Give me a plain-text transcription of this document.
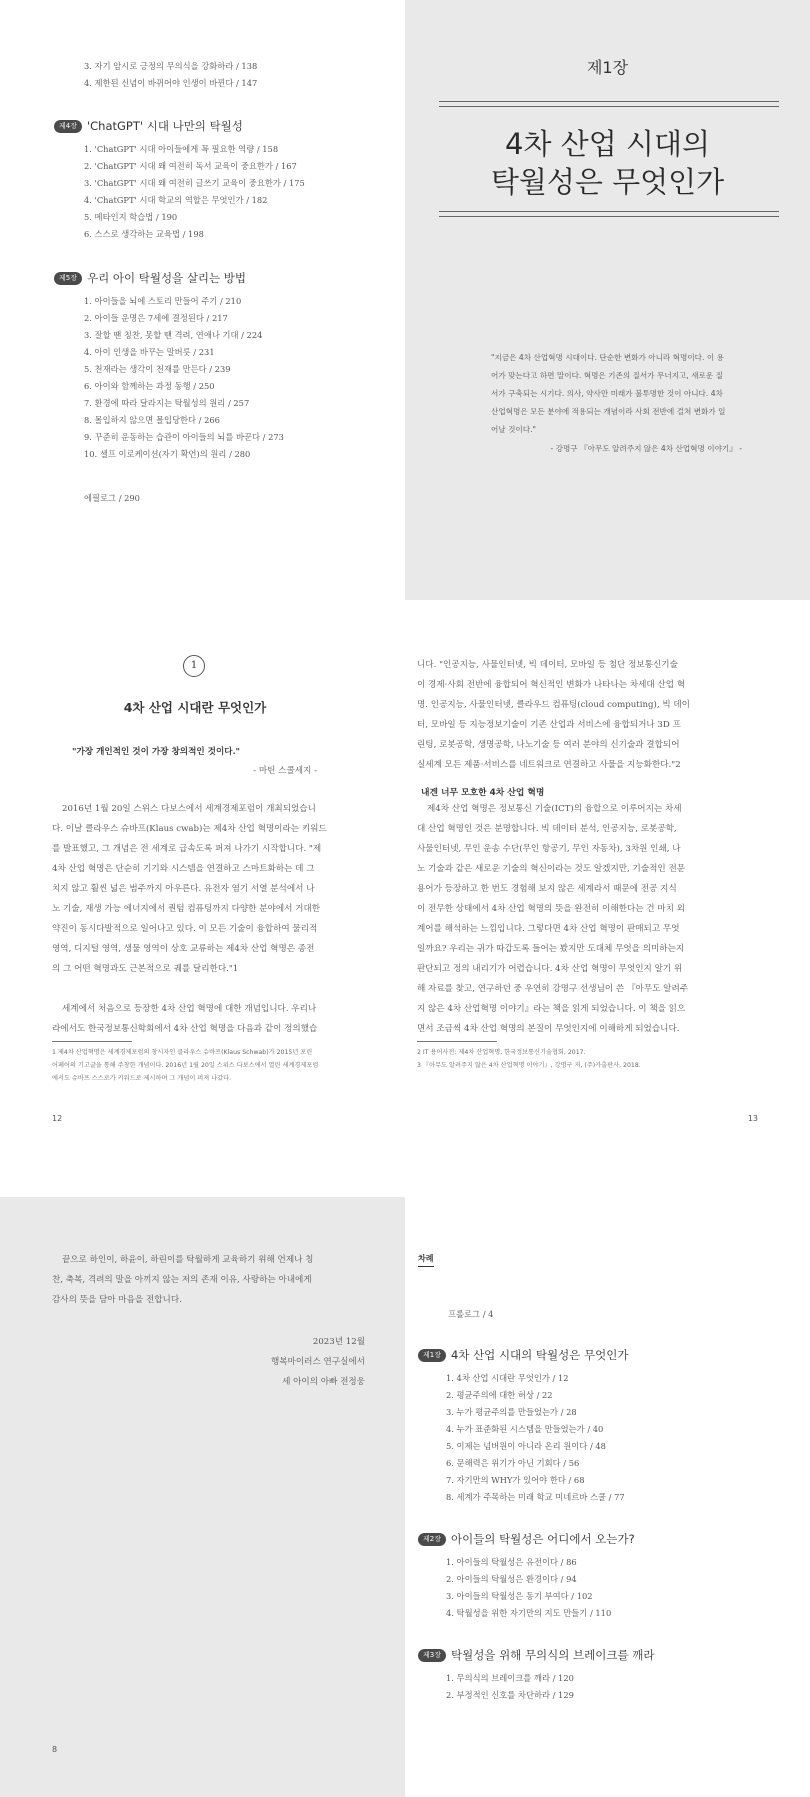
3. 자기 암시로 긍정의 무의식을 강화하라 / 138
4. 제한된 신념이 바뀌어야 인생이 바뀐다 / 147
제4장 'ChatGPT' 시대 나만의 탁월성
1. 'ChatGPT' 시대 아이들에게 꼭 필요한 역량 / 158
2. 'ChatGPT' 시대 왜 여전히 독서 교육이 중요한가 / 167
3. 'ChatGPT' 시대 왜 여전히 글쓰기 교육이 중요한가 / 175
4. 'ChatGPT' 시대 학교의 역할은 무엇인가 / 182
5. 메타인지 학습법 / 190
6. 스스로 생각하는 교육법 / 198
제5장 우리 아이 탁월성을 살리는 방법
1. 아이들을 뇌에 스토리 만들어 주기 / 210
2. 아이들 운명은 7세에 결정된다 / 217
3. 잘할 땐 칭찬, 못할 땐 격려, 연애나 기대 / 224
4. 아이 인생을 바꾸는 말버릇 / 231
5. 천재라는 생각이 천재를 만든다 / 239
6. 아이와 함께하는 과정 동행 / 250
7. 환경에 따라 달라지는 탁월성의 원리 / 257
8. 몰입하지 않으면 몰입당한다 / 266
9. 꾸준히 운동하는 습관이 아이들의 뇌를 바꾼다 / 273
10. 셀프 이로케이션(자기 확언)의 원리 / 280
에필로그 / 290
제1장
4차 산업 시대의
탁월성은 무엇인가
"지금은 4차 산업혁명 시대이다. 단순한 변화가 아니라 혁명이다. 이 용
어가 맞는다고 하면 말이다. 혁명은 기존의 질서가 무너지고, 새로운 질
서가 구축되는 시기다. 의사, 약사만 미래가 불투명한 것이 아니다. 4차
산업혁명은 모든 분야에 적용되는 개념이라 사회 전반에 걸쳐 변화가 일
어날 것이다."
- 강명구 『아무도 알려주지 않은 4차 산업혁명 이야기』 -
1
4차 산업 시대란 무엇인가
"가장 개인적인 것이 가장 창의적인 것이다."
- 마틴 스콜세지 -
2016년 1월 20일 스위스 다보스에서 세계경제포럼이 개최되었습니
다. 이날 클라우스 슈바프(Klaus cwab)는 제4차 산업 혁명이라는 키워드
를 발표했고, 그 개념은 전 세계로 급속도록 퍼져 나가기 시작합니다. "제
4차 산업 혁명은 단순히 기기와 시스템을 연결하고 스마트화하는 데 그
치지 않고 훨씬 넓은 범주까지 아우른다. 유전자 염기 서열 분석에서 나
노 기술, 재생 가능 에너지에서 퀀텀 컴퓨팅까지 다양한 분야에서 거대한
약진이 동시다발적으로 일어나고 있다. 이 모든 기술이 융합하여 물리적
영역, 디지털 영역, 생물 영역이 상호 교류하는 제4차 산업 혁명은 종전
의 그 어떤 혁명과도 근본적으로 궤를 달리한다."1
세계에서 처음으로 등장한 4차 산업 혁명에 대한 개념입니다. 우리나
라에서도 한국정보통신학회에서 4차 산업 혁명을 다음과 같이 정의했습
1 제4차 산업혁명은 세계경제포럼의 창시자인 클라우스 슈바프(Klaus Schwab)가 2015년 포린
어페어의 기고글을 통해 주창한 개념이다. 2016년 1월 20일 스위스 다보스에서 열린 세계경제포럼
에서도 슈바프 스스로가 키워드로 제시하며 그 개념이 퍼져 나갔다.
12
니다. "인공지능, 사물인터넷, 빅 데이터, 모바일 등 첨단 정보통신기술
이 경제·사회 전반에 융합되어 혁신적인 변화가 나타나는 차세대 산업 혁
명. 인공지능, 사물인터넷, 클라우드 컴퓨팅(cloud computing), 빅 데이
터, 모바일 등 지능정보기술이 기존 산업과 서비스에 융합되거나 3D 프
린팅, 로봇공학, 생명공학, 나노기술 등 여러 분야의 신기술과 결합되어
실세계 모든 제품·서비스를 네트워크로 연결하고 사물을 지능화한다."2
내겐 너무 모호한 4차 산업 혁명
제4차 산업 혁명은 정보통신 기술(ICT)의 융합으로 이루어지는 차세
대 산업 혁명인 것은 분명합니다. 빅 데이터 분석, 인공지능, 로봇공학,
사물인터넷, 무인 운송 수단(무인 항공기, 무인 자동차), 3차원 인쇄, 나
노 기술과 같은 새로운 기술의 혁신이라는 것도 알겠지만, 기술적인 전문
용어가 등장하고 한 번도 경험해 보지 않은 세계라서 때문에 전공 지식
이 전무한 상태에서 4차 산업 혁명의 뜻을 완전히 이해한다는 건 마치 외
계어를 해석하는 느낌입니다. 그렇다면 4차 산업 혁명이 판매되고 무엇
일까요? 우리는 귀가 따갑도록 들어는 봤지만 도대체 무엇을 의미하는지
판단되고 정의 내리기가 어렵습니다. 4차 산업 혁명이 무엇인지 알기 위
해 자료를 찾고, 연구하던 중 우연히 강명구 선생님이 쓴 『아무도 알려주
지 않은 4차 산업혁명 이야기』라는 책을 읽게 되었습니다. 이 책을 읽으
면서 조금씩 4차 산업 혁명의 본질이 무엇인지에 이해하게 되었습니다.
2 IT 용어사전: 제4차 산업혁명, 한국정보통신기술협회, 2017.
3 『아무도 알려주지 않은 4차 산업혁명 이야기』, 강명구 저, (주)카출판사, 2018.
13
끝으로 하인이, 하윤이, 하린이를 탁월하게 교육하기 위해 언제나 칭
찬, 축복, 격려의 말을 아끼지 않는 저의 존재 이유, 사랑하는 아내에게
감사의 뜻을 담아 마음을 전합니다.
2023년 12월
행복마이러스 연구실에서
세 아이의 아빠 전정웅
8
차례
프롤로그 / 4
제1장 4차 산업 시대의 탁월성은 무엇인가
1. 4차 산업 시대란 무엇인가 / 12
2. 평균주의에 대한 허상 / 22
3. 누가 평균주의를 만들었는가 / 28
4. 누가 표준화된 시스템을 만들었는가 / 40
5. 이제는 넘버원이 아니라 온리 원이다 / 48
6. 문해력은 위기가 아닌 기회다 / 56
7. 자기만의 WHY가 있어야 한다 / 68
8. 세계가 주목하는 미래 학교 미네르바 스쿨 / 77
제2장 아이들의 탁월성은 어디에서 오는가?
1. 아이들의 탁월성은 유전이다 / 86
2. 아이들의 탁월성은 환경이다 / 94
3. 아이들의 탁월성은 동기 부여다 / 102
4. 탁월성을 위한 자기만의 지도 만들기 / 110
제3장 탁월성을 위해 무의식의 브레이크를 깨라
1. 무의식의 브레이크를 깨라 / 120
2. 부정적인 신호를 차단하라 / 129
